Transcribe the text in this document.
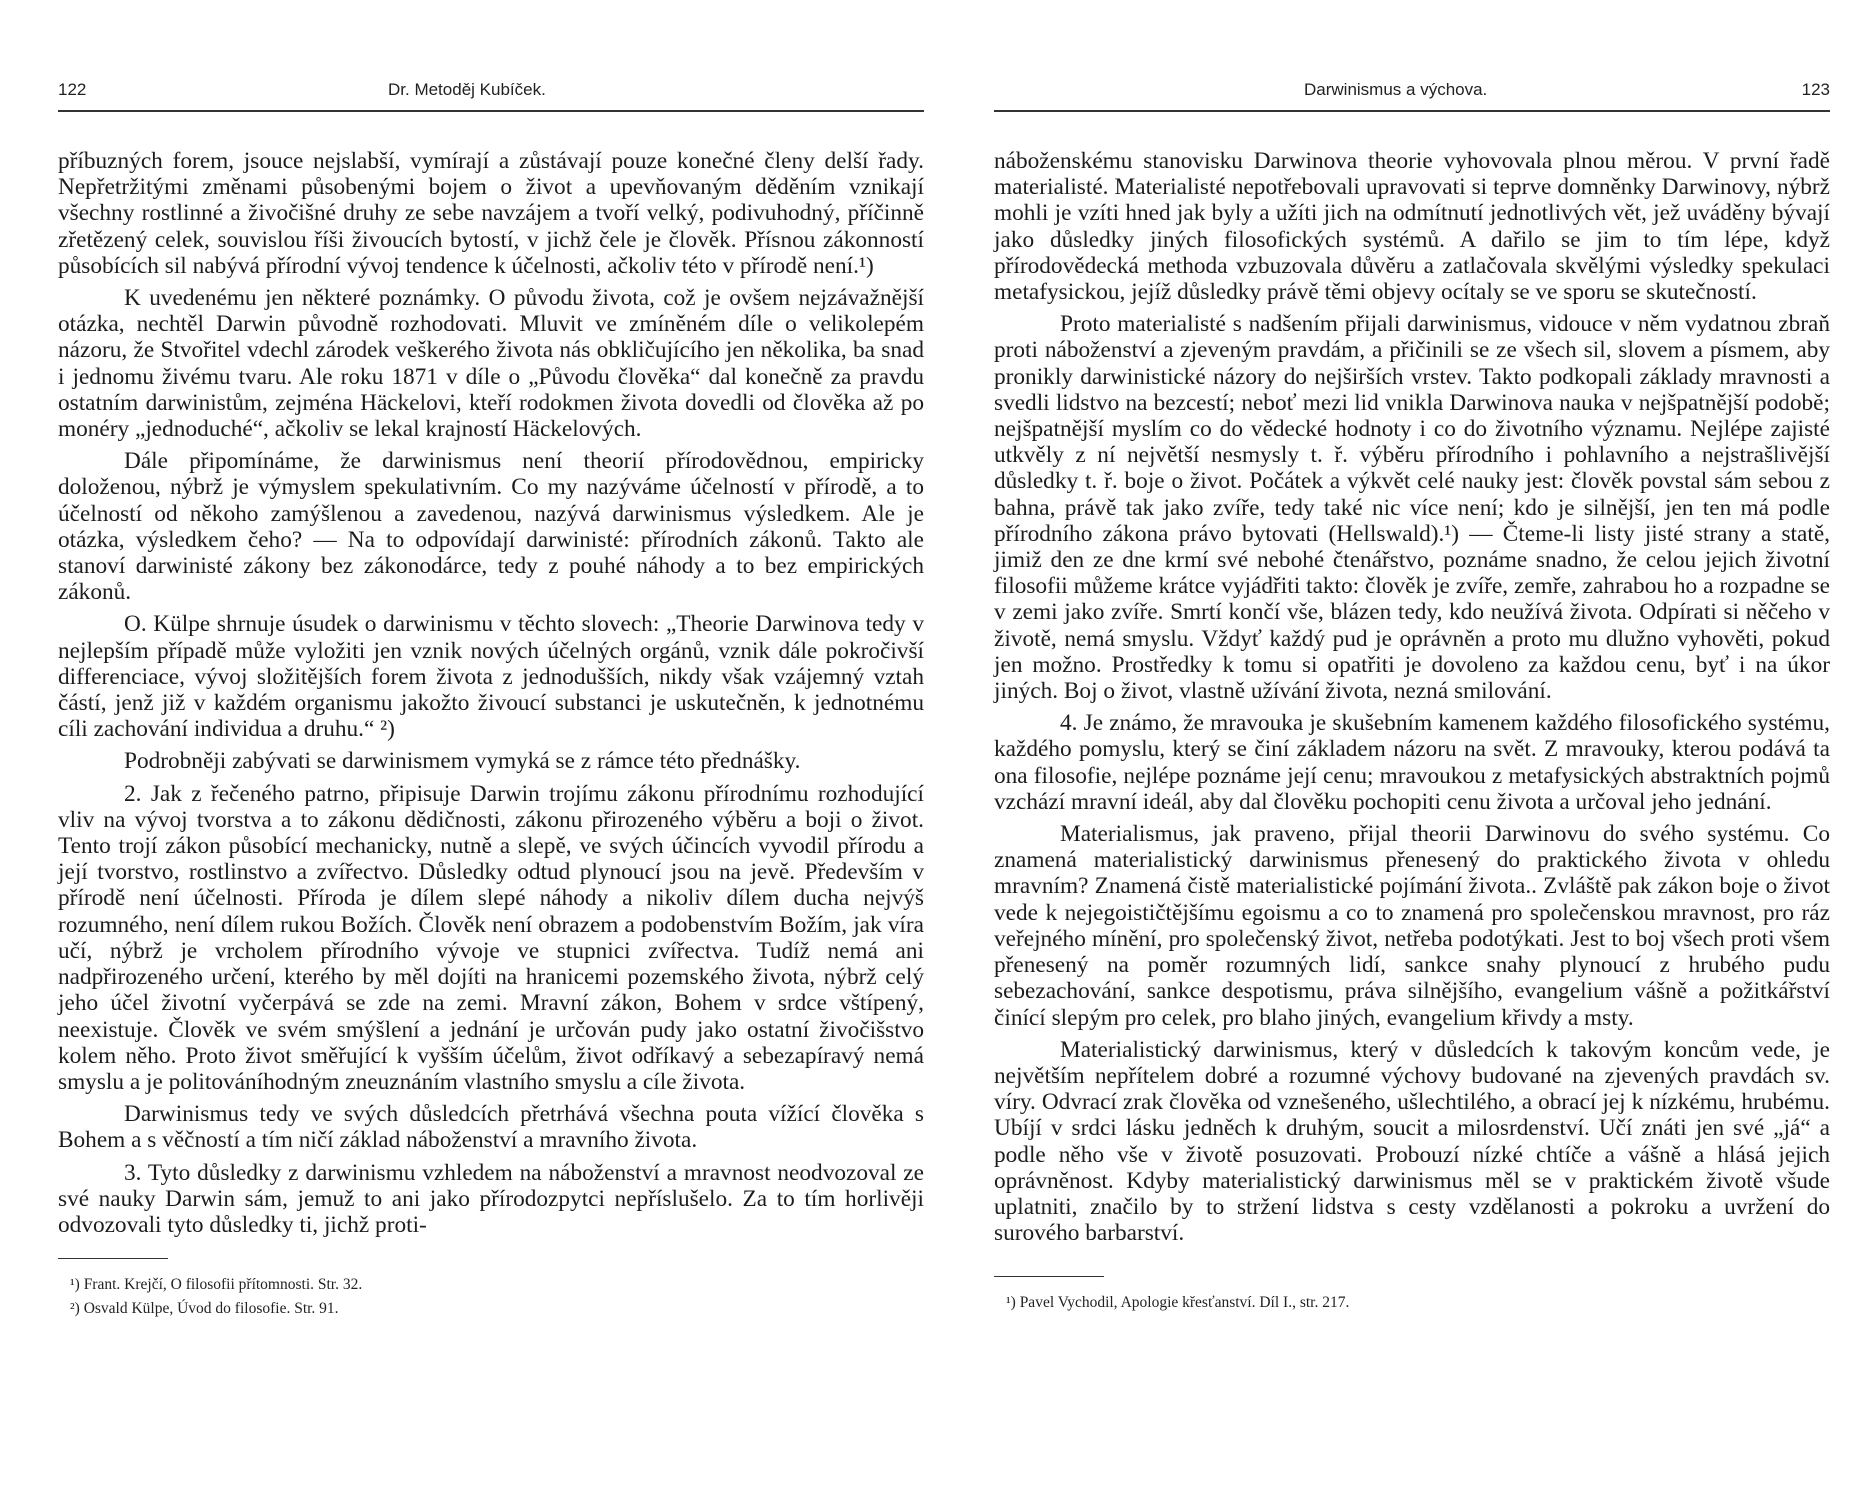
122	Dr. Metoděj Kubíček.

příbuzných forem, jsouce nejslabší, vymírají a zůstávají pouze konečné členy delší řady. Nepřetržitými změnami působenými bojem o život a upevňovaným děděním vznikají všechny rostlinné a živočišné druhy ze sebe navzájem a tvoří velký, podivuhodný, příčinně zřetězený celek, souvislou říši živoucích bytostí, v jichž čele je člověk. Přísnou zákonností působících sil nabývá přírodní vývoj tendence k účelnosti, ačkoliv této v přírodě není.¹)

K uvedenému jen některé poznámky. O původu života, což je ovšem nejzávažnější otázka, nechtěl Darwin původně rozhodovati. Mluvit ve zmíněném díle o velikolepém názoru, že Stvořitel vdechl zárodek veškerého života nás obkličujícího jen několika, ba snad i jednomu živému tvaru. Ale roku 1871 v díle o „Původu člověka“ dal konečně za pravdu ostatním darwinistům, zejména Häckelovi, kteří rodokmen života dovedli od člověka až po monéry „jednoduché“, ačkoliv se lekal krajností Häckelových.

Dále připomínáme, že darwinismus není theorií přírodovědnou, empiricky doloženou, nýbrž je výmyslem spekulativním. Co my nazýváme účelností v přírodě, a to účelností od někoho zamýšlenou a zavedenou, nazývá darwinismus výsledkem. Ale je otázka, výsledkem čeho? — Na to odpovídají darwinisté: přírodních zákonů. Takto ale stanoví darwinisté zákony bez zákonodárce, tedy z pouhé náhody a to bez empirických zákonů.

O. Külpe shrnuje úsudek o darwinismu v těchto slovech: „Theorie Darwinova tedy v nejlepším případě může vyložiti jen vznik nových účelných orgánů, vznik dále pokročivší differenciace, vývoj složitějších forem života z jednodušších, nikdy však vzájemný vztah částí, jenž již v každém organismu jakožto živoucí substanci je uskutečněn, k jednotnému cíli zachování individua a druhu.“ ²)

Podrobněji zabývati se darwinismem vymyká se z rámce této přednášky.

2. Jak z řečeného patrno, připisuje Darwin trojímu zákonu přírodnímu rozhodující vliv na vývoj tvorstva a to zákonu dědičnosti, zákonu přirozeného výběru a boji o život. Tento trojí zákon působící mechanicky, nutně a slepě, ve svých účincích vyvodil přírodu a její tvorstvo, rostlinstvo a zvířectvo. Důsledky odtud plynoucí jsou na jevě. Především v přírodě není účelnosti. Příroda je dílem slepé náhody a nikoliv dílem ducha nejvýš rozumného, není dílem rukou Božích. Člověk není obrazem a podobenstvím Božím, jak víra učí, nýbrž je vrcholem přírodního vývoje ve stupnici zvířectva. Tudíž nemá ani nadpřirozeného určení, kterého by měl dojíti na hranicemi pozemského života, nýbrž celý jeho účel životní vyčerpává se zde na zemi. Mravní zákon, Bohem v srdce vštípený, neexistuje. Člověk ve svém smýšlení a jednání je určován pudy jako ostatní živočišstvo kolem něho. Proto život směřující k vyšším účelům, život odříkavý a sebezapíravý nemá smyslu a je politováníhodným zneuznáním vlastního smyslu a cíle života.

Darwinismus tedy ve svých důsledcích přetrhává všechna pouta vížící člověka s Bohem a s věčností a tím ničí základ náboženství a mravního života.

3. Tyto důsledky z darwinismu vzhledem na náboženství a mravnost neodvozoval ze své nauky Darwin sám, jemuž to ani jako přírodozpytci nepříslušelo. Za to tím horlivěji odvozovali tyto důsledky ti, jichž proti-

¹) Frant. Krejčí, O filosofii přítomnosti. Str. 32.
²) Osvald Külpe, Úvod do filosofie. Str. 91.
Darwinismus a výchova.	123

náboženskému stanovisku Darwinova theorie vyhovovala plnou měrou. V první řadě materialisté. Materialisté nepotřebovali upravovati si teprve domněnky Darwinovy, nýbrž mohli je vzíti hned jak byly a užíti jich na odmítnutí jednotlivých vět, jež uváděny bývají jako důsledky jiných filosofických systémů. A dařilo se jim to tím lépe, když přírodovědecká methoda vzbuzovala důvěru a zatlačovala skvělými výsledky spekulaci metafysickou, jejíž důsledky právě těmi objevy ocítaly se ve sporu se skutečností.

Proto materialisté s nadšením přijali darwinismus, vidouce v něm vydatnou zbraň proti náboženství a zjeveným pravdám, a přičinili se ze všech sil, slovem a písmem, aby pronikly darwinistické názory do nejširších vrstev. Takto podkopali základy mravnosti a svedli lidstvo na bezcestí; neboť mezi lid vnikla Darwinova nauka v nejšpatnější podobě; nejšpatnější myslím co do vědecké hodnoty i co do životního významu. Nejlépe zajisté utkvěly z ní největší nesmysly t. ř. výběru přírodního i pohlavního a nejstrašlivější důsledky t. ř. boje o život. Počátek a výkvět celé nauky jest: člověk povstal sám sebou z bahna, právě tak jako zvíře, tedy také nic více není; kdo je silnější, jen ten má podle přírodního zákona právo bytovati (Hellswald).¹) — Čteme-li listy jisté strany a statě, jimiž den ze dne krmí své nebohé čtenářstvo, poznáme snadno, že celou jejich životní filosofii můžeme krátce vyjádřiti takto: člověk je zvíře, zemře, zahrabou ho a rozpadne se v zemi jako zvíře. Smrtí končí vše, blázen tedy, kdo neužívá života. Odpírati si něčeho v životě, nemá smyslu. Vždyť každý pud je oprávněn a proto mu dlužno vyhověti, pokud jen možno. Prostředky k tomu si opatřiti je dovoleno za každou cenu, byť i na úkor jiných. Boj o život, vlastně užívání života, nezná smilování.

4. Je známo, že mravouka je skušebním kamenem každého filosofického systému, každého pomyslu, který se činí základem názoru na svět. Z mravouky, kterou podává ta ona filosofie, nejlépe poznáme její cenu; mravoukou z metafysických abstraktních pojmů vzchází mravní ideál, aby dal člověku pochopiti cenu života a určoval jeho jednání.

Materialismus, jak praveno, přijal theorii Darwinovu do svého systému. Co znamená materialistický darwinismus přenesený do praktického života v ohledu mravním? Znamená čistě materialistické pojímání života.. Zvláště pak zákon boje o život vede k nejegoističtějšímu egoismu a co to znamená pro společenskou mravnost, pro ráz veřejného mínění, pro společenský život, netřeba podotýkati. Jest to boj všech proti všem přenesený na poměr rozumných lidí, sankce snahy plynoucí z hrubého pudu sebezachování, sankce despotismu, práva silnějšího, evangelium vášně a požitkářství činící slepým pro celek, pro blaho jiných, evangelium křivdy a msty.

Materialistický darwinismus, který v důsledcích k takovým koncům vede, je největším nepřítelem dobré a rozumné výchovy budované na zjevených pravdách sv. víry. Odvrací zrak člověka od vznešeného, ušlechtilého, a obrací jej k nízkému, hrubému. Ubíjí v srdci lásku jedněch k druhým, soucit a milosrdenství. Učí znáti jen své „já“ a podle něho vše v životě posuzovati. Probouzí nízké chtíče a vášně a hlásá jejich oprávněnost. Kdyby materialistický darwinismus měl se v praktickém životě všude uplatniti, značilo by to stržení lidstva s cesty vzdělanosti a pokroku a uvržení do surového barbarství.

¹) Pavel Vychodil, Apologie křesťanství. Díl I., str. 217.
